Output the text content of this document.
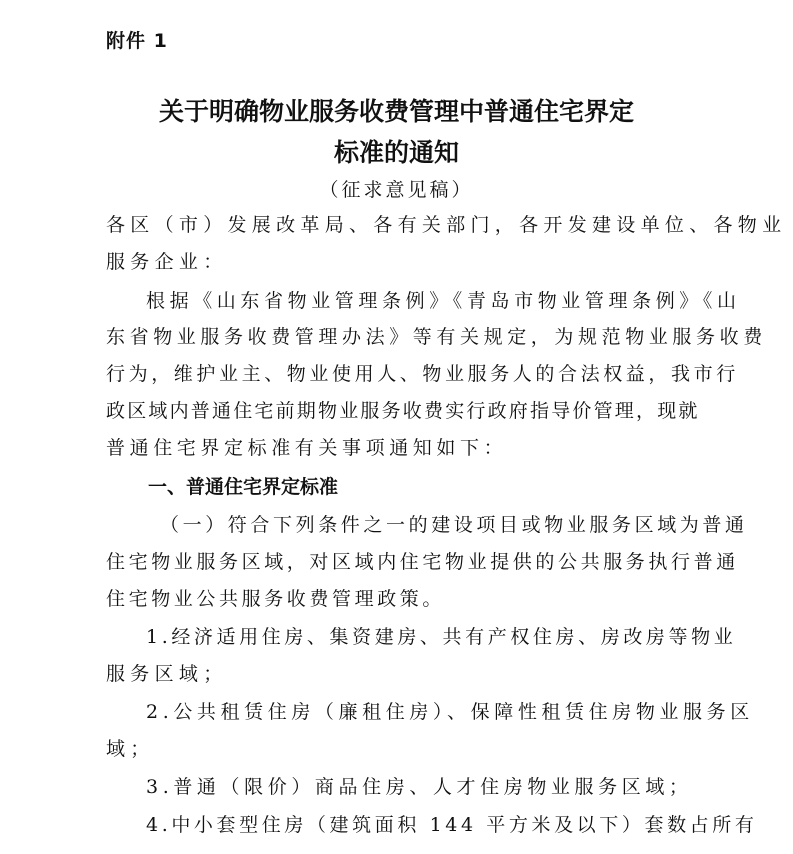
附件 1
关于明确物业服务收费管理中普通住宅界定
标准的通知
（征求意见稿）
各区（市）发展改革局、各有关部门，各开发建设单位、各物业
服务企业：
根据《山东省物业管理条例》《青岛市物业管理条例》《山
东省物业服务收费管理办法》等有关规定，为规范物业服务收费
行为，维护业主、物业使用人、物业服务人的合法权益，我市行
政区域内普通住宅前期物业服务收费实行政府指导价管理，现就
普通住宅界定标准有关事项通知如下：
一、普通住宅界定标准
（一）符合下列条件之一的建设项目或物业服务区域为普通
住宅物业服务区域，对区域内住宅物业提供的公共服务执行普通
住宅物业公共服务收费管理政策。
1.经济适用住房、集资建房、共有产权住房、房改房等物业
服务区域；
2.公共租赁住房（廉租住房）、保障性租赁住房物业服务区
域；
3.普通（限价）商品住房、人才住房物业服务区域；
4.中小套型住房（建筑面积 144 平方米及以下）套数占所有
